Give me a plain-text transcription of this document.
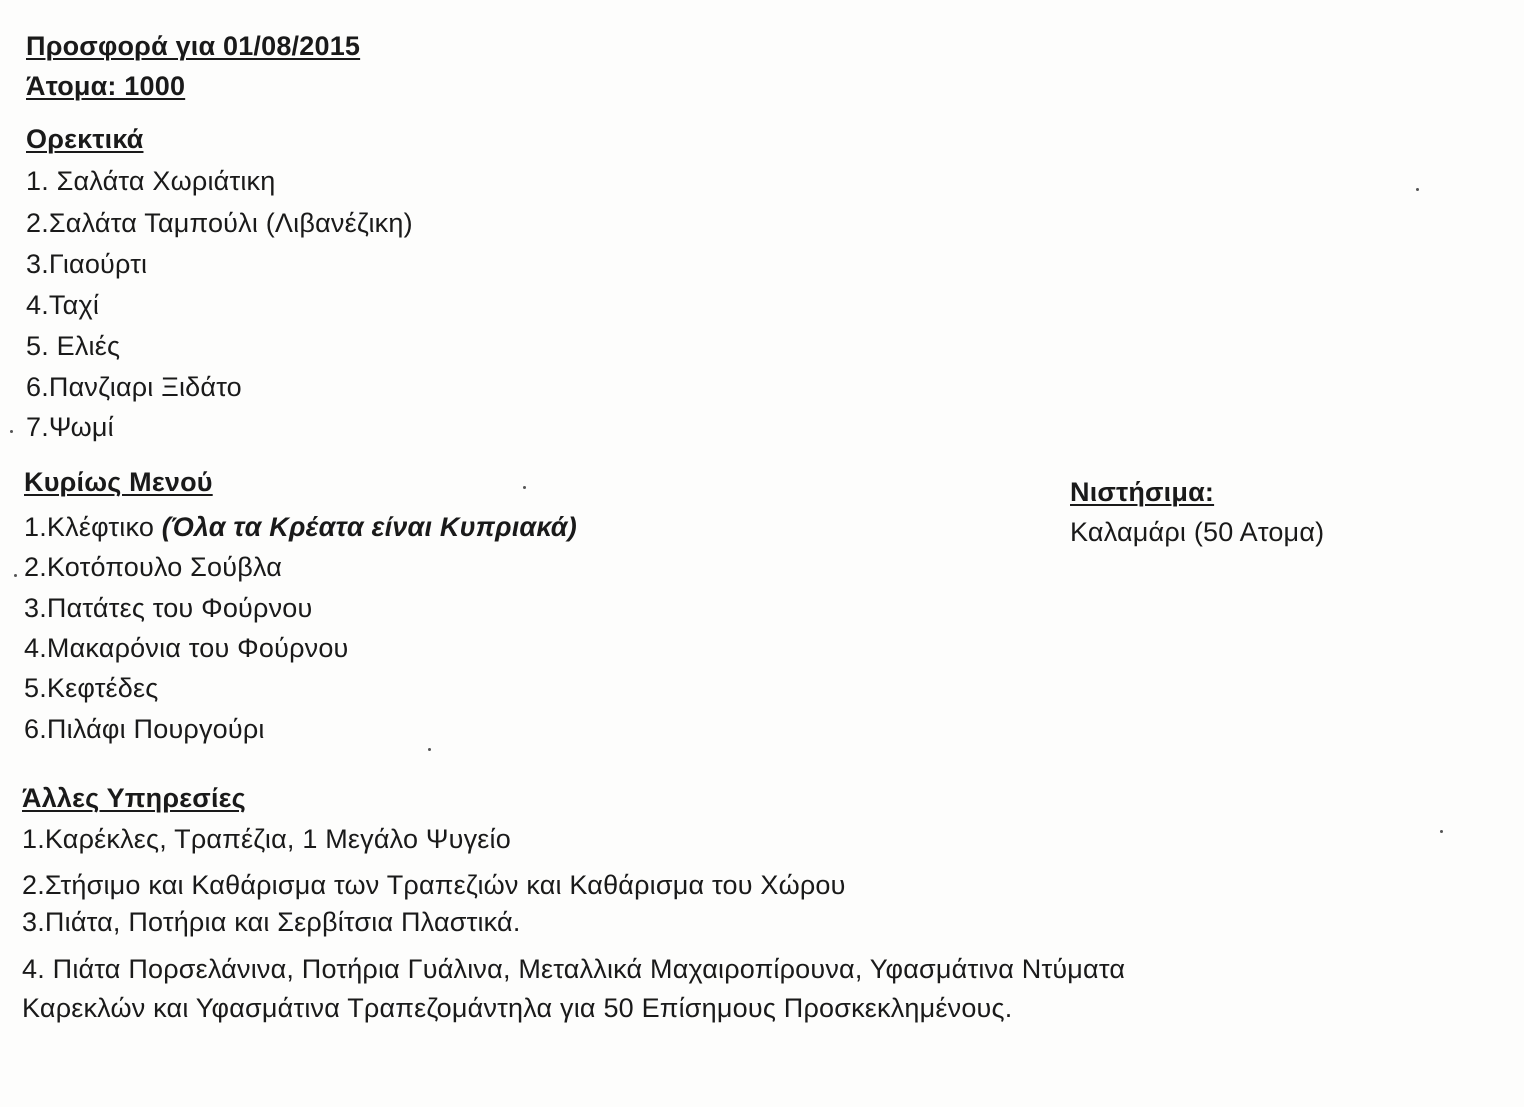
Προσφορά για 01/08/2015
Άτομα: 1000
Ορεκτικά
1. Σαλάτα Χωριάτικη
2.Σαλάτα Ταμπούλι (Λιβανέζικη)
3.Γιαούρτι
4.Ταχί
5. Ελιές
6.Πανζιαρι Ξιδάτο
7.Ψωμί
Κυρίως Μενού
1.Κλέφτικο (Όλα τα Κρέατα είναι Κυπριακά)
2.Κοτόπουλο Σούβλα
3.Πατάτες του Φούρνου
4.Μακαρόνια του Φούρνου
5.Κεφτέδες
6.Πιλάφι Πουργούρι
Νιστήσιμα:
Καλαμάρι (50 Ατομα)
Άλλες Υπηρεσίες
1.Καρέκλες, Τραπέζια, 1 Μεγάλο Ψυγείο
2.Στήσιμο και Καθάρισμα των Τραπεζιών και Καθάρισμα του Χώρου
3.Πιάτα, Ποτήρια και Σερβίτσια Πλαστικά.
4. Πιάτα Πορσελάνινα, Ποτήρια Γυάλινα, Μεταλλικά Μαχαιροπίρουνα, Υφασμάτινα Ντύματα
Καρεκλών και Υφασμάτινα Τραπεζομάντηλα για 50 Επίσημους Προσκεκλημένους.
